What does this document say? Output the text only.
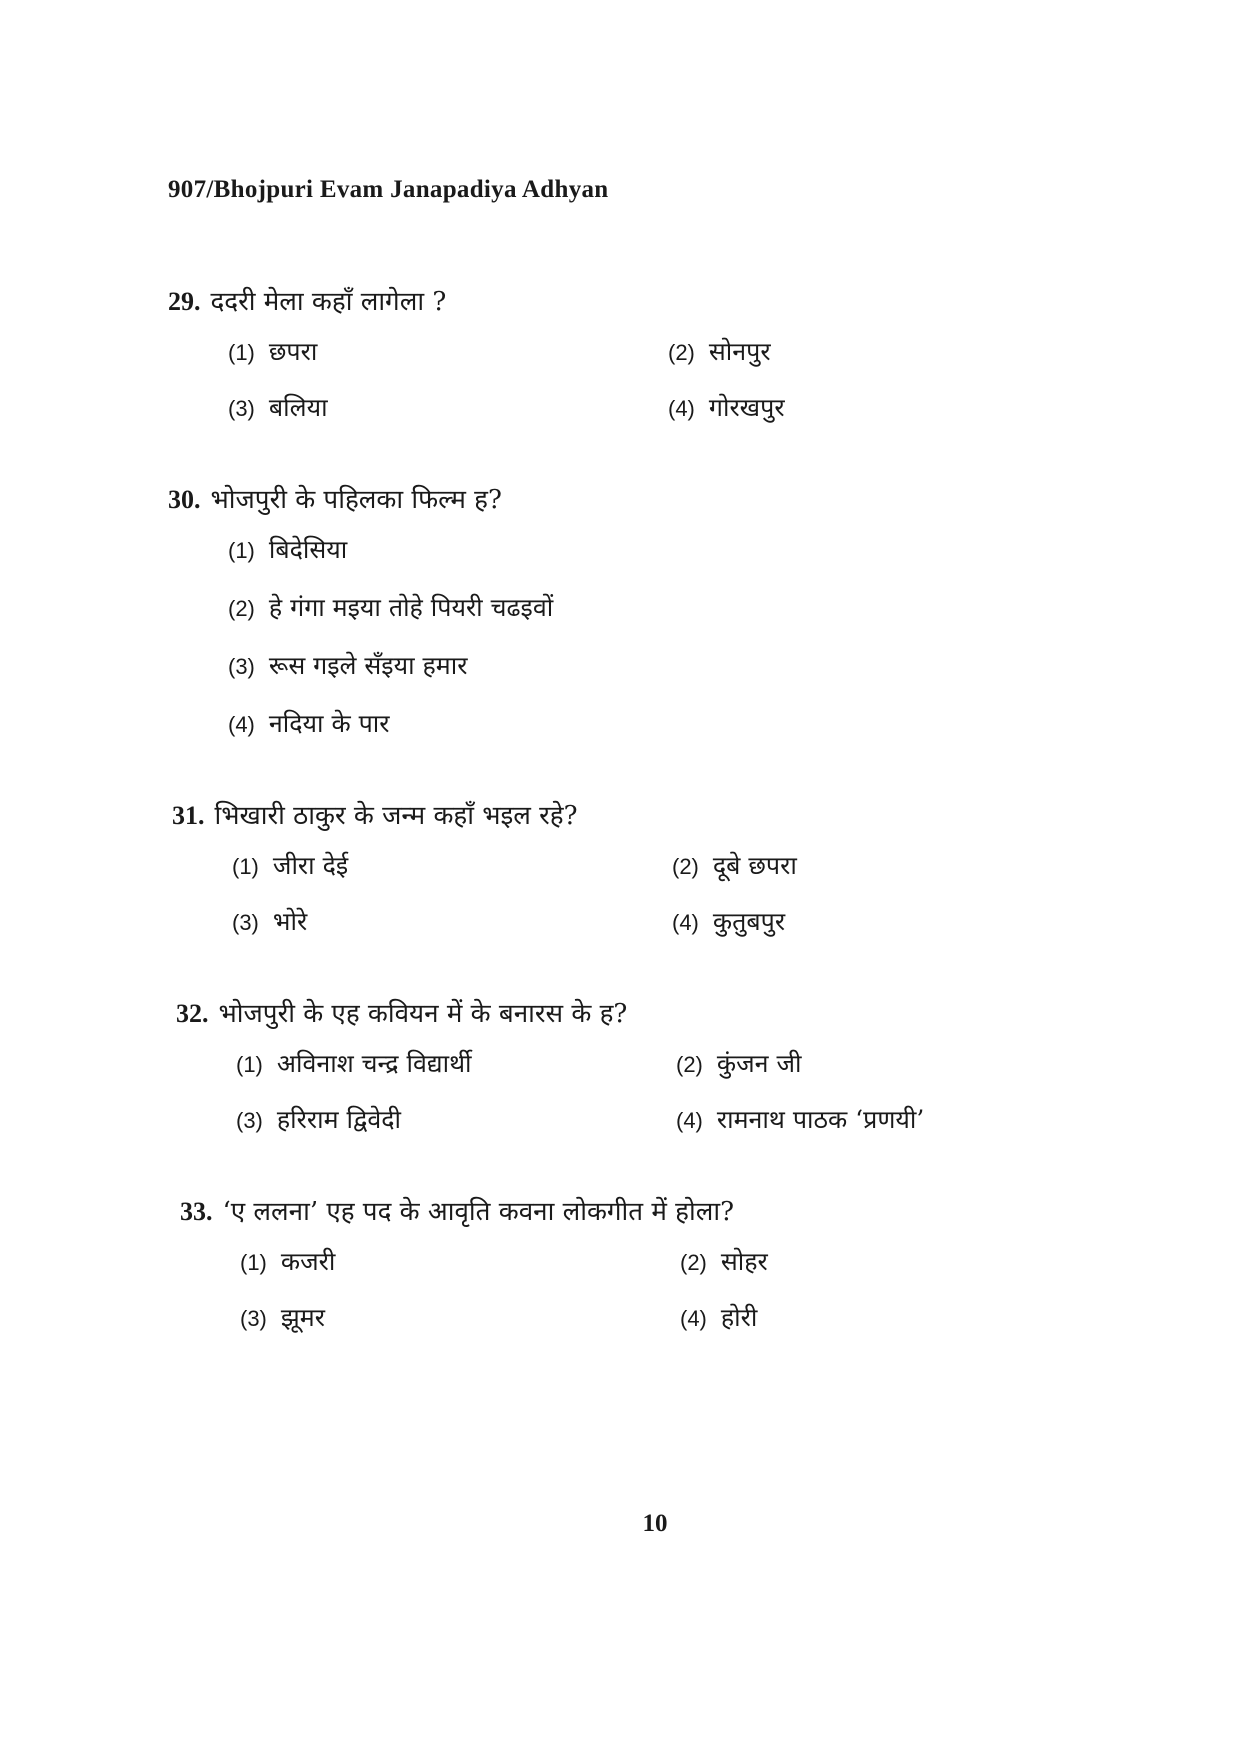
907/Bhojpuri Evam Janapadiya Adhyan
29. ददरी मेला कहाँ लागेला ?
(1) छपरा	(2) सोनपुर
(3) बलिया	(4) गोरखपुर
30. भोजपुरी के पहिलका फिल्म ह?
(1) बिदेसिया
(2) हे गंगा मइया तोहे पियरी चढइवों
(3) रूस गइले सँइया हमार
(4) नदिया के पार
31. भिखारी ठाकुर के जन्म कहाँ भइल रहे?
(1) जीरा देई	(2) दूबे छपरा
(3) भोरे	(4) कुतुबपुर
32. भोजपुरी के एह कवियन में के बनारस के ह?
(1) अविनाश चन्द्र विद्यार्थी	(2) कुंजन जी
(3) हरिराम द्विवेदी	(4) रामनाथ पाठक ‘प्रणयी’
33. ‘ए ललना’ एह पद के आवृति कवना लोकगीत में होला?
(1) कजरी	(2) सोहर
(3) झूमर	(4) होरी
10
